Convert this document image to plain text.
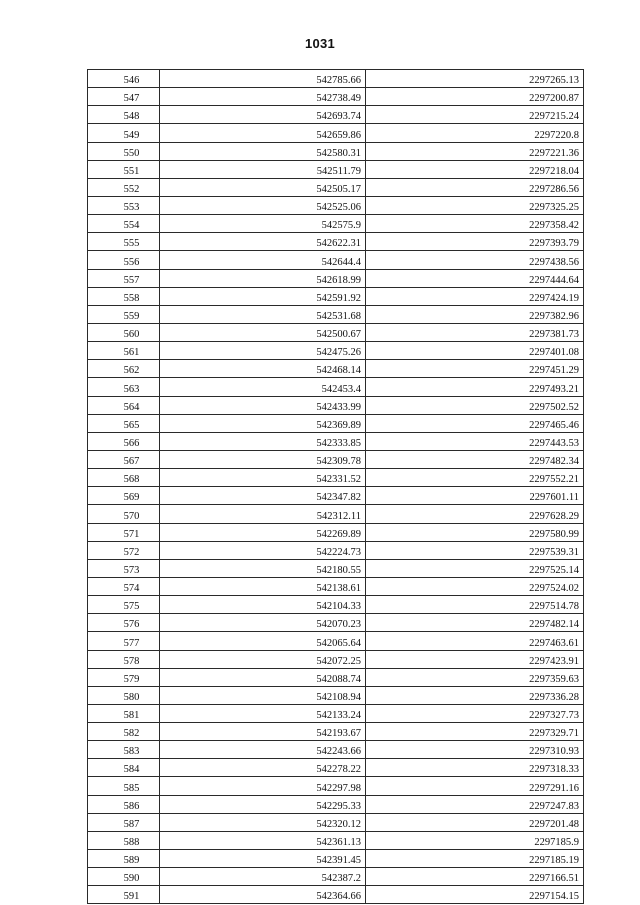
1031
546	542785.66	2297265.13
547	542738.49	2297200.87
548	542693.74	2297215.24
549	542659.86	2297220.8
550	542580.31	2297221.36
551	542511.79	2297218.04
552	542505.17	2297286.56
553	542525.06	2297325.25
554	542575.9	2297358.42
555	542622.31	2297393.79
556	542644.4	2297438.56
557	542618.99	2297444.64
558	542591.92	2297424.19
559	542531.68	2297382.96
560	542500.67	2297381.73
561	542475.26	2297401.08
562	542468.14	2297451.29
563	542453.4	2297493.21
564	542433.99	2297502.52
565	542369.89	2297465.46
566	542333.85	2297443.53
567	542309.78	2297482.34
568	542331.52	2297552.21
569	542347.82	2297601.11
570	542312.11	2297628.29
571	542269.89	2297580.99
572	542224.73	2297539.31
573	542180.55	2297525.14
574	542138.61	2297524.02
575	542104.33	2297514.78
576	542070.23	2297482.14
577	542065.64	2297463.61
578	542072.25	2297423.91
579	542088.74	2297359.63
580	542108.94	2297336.28
581	542133.24	2297327.73
582	542193.67	2297329.71
583	542243.66	2297310.93
584	542278.22	2297318.33
585	542297.98	2297291.16
586	542295.33	2297247.83
587	542320.12	2297201.48
588	542361.13	2297185.9
589	542391.45	2297185.19
590	542387.2	2297166.51
591	542364.66	2297154.15
